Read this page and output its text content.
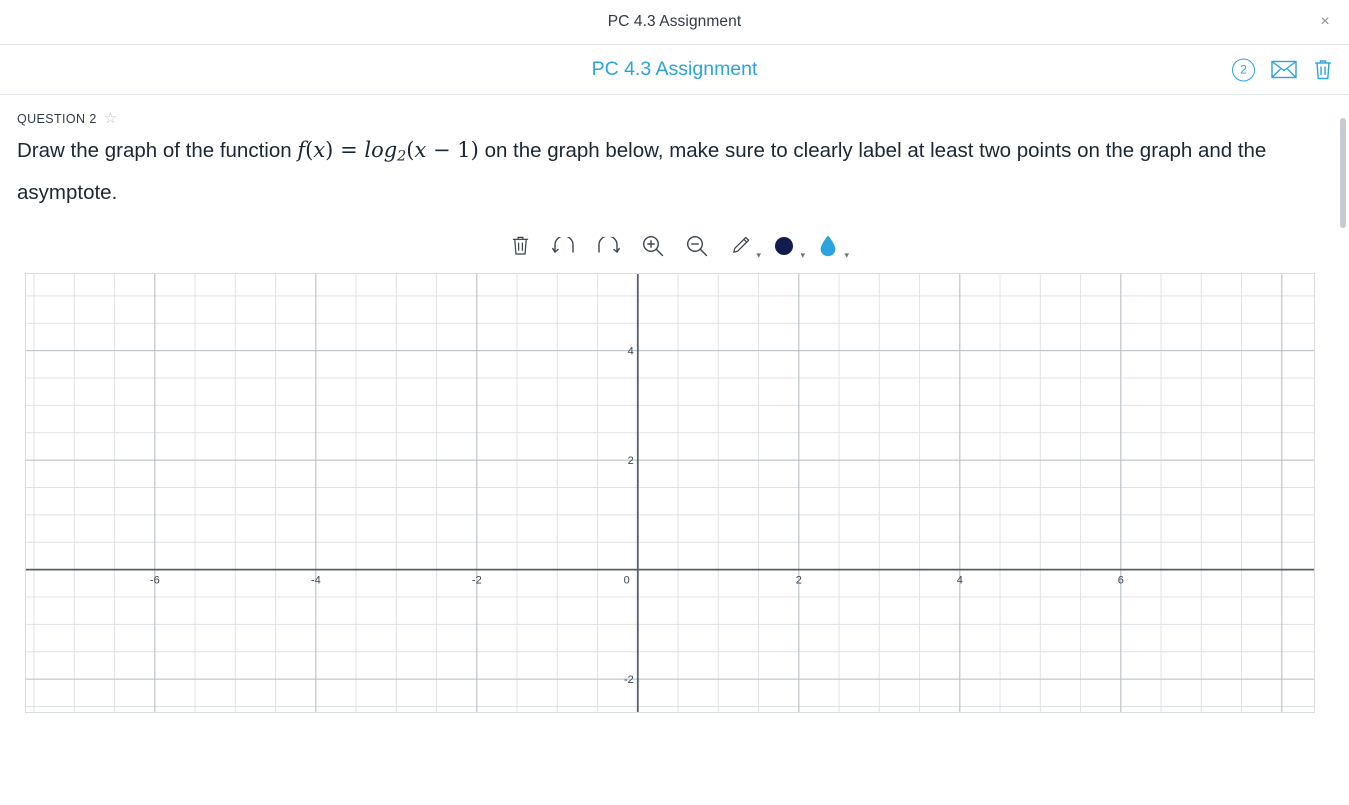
PC 4.3 Assignment	×
PC 4.3 Assignment	2
QUESTION 2 ☆
Draw the graph of the function $f(x) = \log_2(x - 1)$ on the graph below, make sure to clearly label at least two points on the graph and the asymptote.
▾	▾	▾
-6	-4	-2	0	2	4	6
-2
2
4
